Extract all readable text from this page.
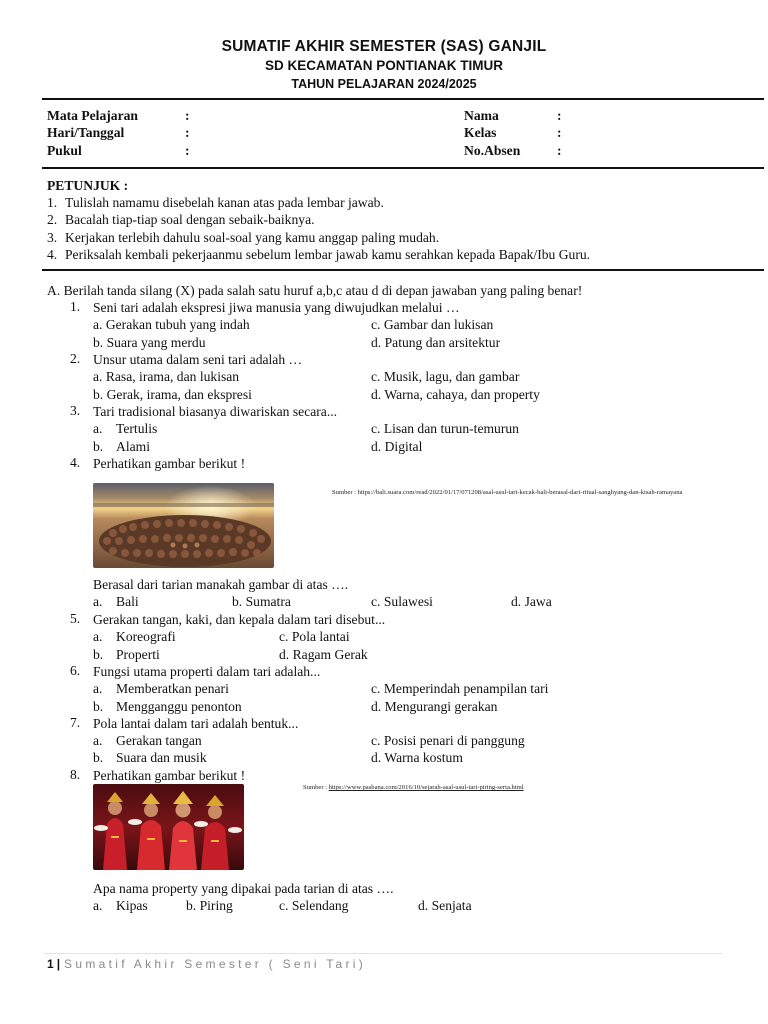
SUMATIF AKHIR SEMESTER (SAS) GANJIL
SD KECAMATAN PONTIANAK TIMUR
TAHUN PELAJARAN 2024/2025
Mata Pelajaran	:
Hari/Tanggal	:
Pukul	:
Nama	:
Kelas	:
No.Absen	:
PETUNJUK :
1. Tulislah namamu disebelah kanan atas pada lembar jawab.
2. Bacalah tiap-tiap soal dengan sebaik-baiknya.
3. Kerjakan terlebih dahulu soal-soal yang kamu anggap paling mudah.
4. Periksalah kembali pekerjaanmu sebelum lembar jawab kamu serahkan kepada Bapak/Ibu Guru.
A. Berilah tanda silang (X) pada salah satu huruf a,b,c atau d di depan jawaban yang paling benar!
1. Seni tari adalah ekspresi jiwa manusia yang diwujudkan melalui …
a. Gerakan tubuh yang indah	c. Gambar dan lukisan
b. Suara yang merdu	d. Patung dan arsitektur
2. Unsur utama dalam seni tari adalah …
a. Rasa, irama, dan lukisan	c. Musik, lagu, dan gambar
b. Gerak, irama, dan ekspresi	d. Warna, cahaya, dan property
3. Tari tradisional biasanya diwariskan secara...
a. Tertulis	c. Lisan dan turun-temurun
b. Alami	d. Digital
4. Perhatikan gambar berikut !
Sumber : https://bali.suara.com/read/2022/01/17/071208/asal-usul-tari-kecak-bali-berasal-dari-ritual-sanghyang-dan-kisah-ramayana
Berasal dari tarian manakah gambar di atas ….
a. Bali	b. Sumatra	c. Sulawesi	d. Jawa
5. Gerakan tangan, kaki, dan kepala dalam tari disebut...
a. Koreografi	c. Pola lantai
b. Properti	d. Ragam Gerak
6. Fungsi utama properti dalam tari adalah...
a. Memberatkan penari	c. Memperindah penampilan tari
b. Mengganggu penonton	d. Mengurangi gerakan
7. Pola lantai dalam tari adalah bentuk...
a. Gerakan tangan	c. Posisi penari di panggung
b. Suara dan musik	d. Warna kostum
8. Perhatikan gambar berikut !
Sumber : https://www.pasbana.com/2016/10/sejarah-asal-usul-tari-piring-serta.html
Apa nama property yang dipakai pada tarian di atas ….
a. Kipas	b. Piring	c. Selendang	d. Senjata
1 | Sumatif Akhir Semester ( Seni Tari)
